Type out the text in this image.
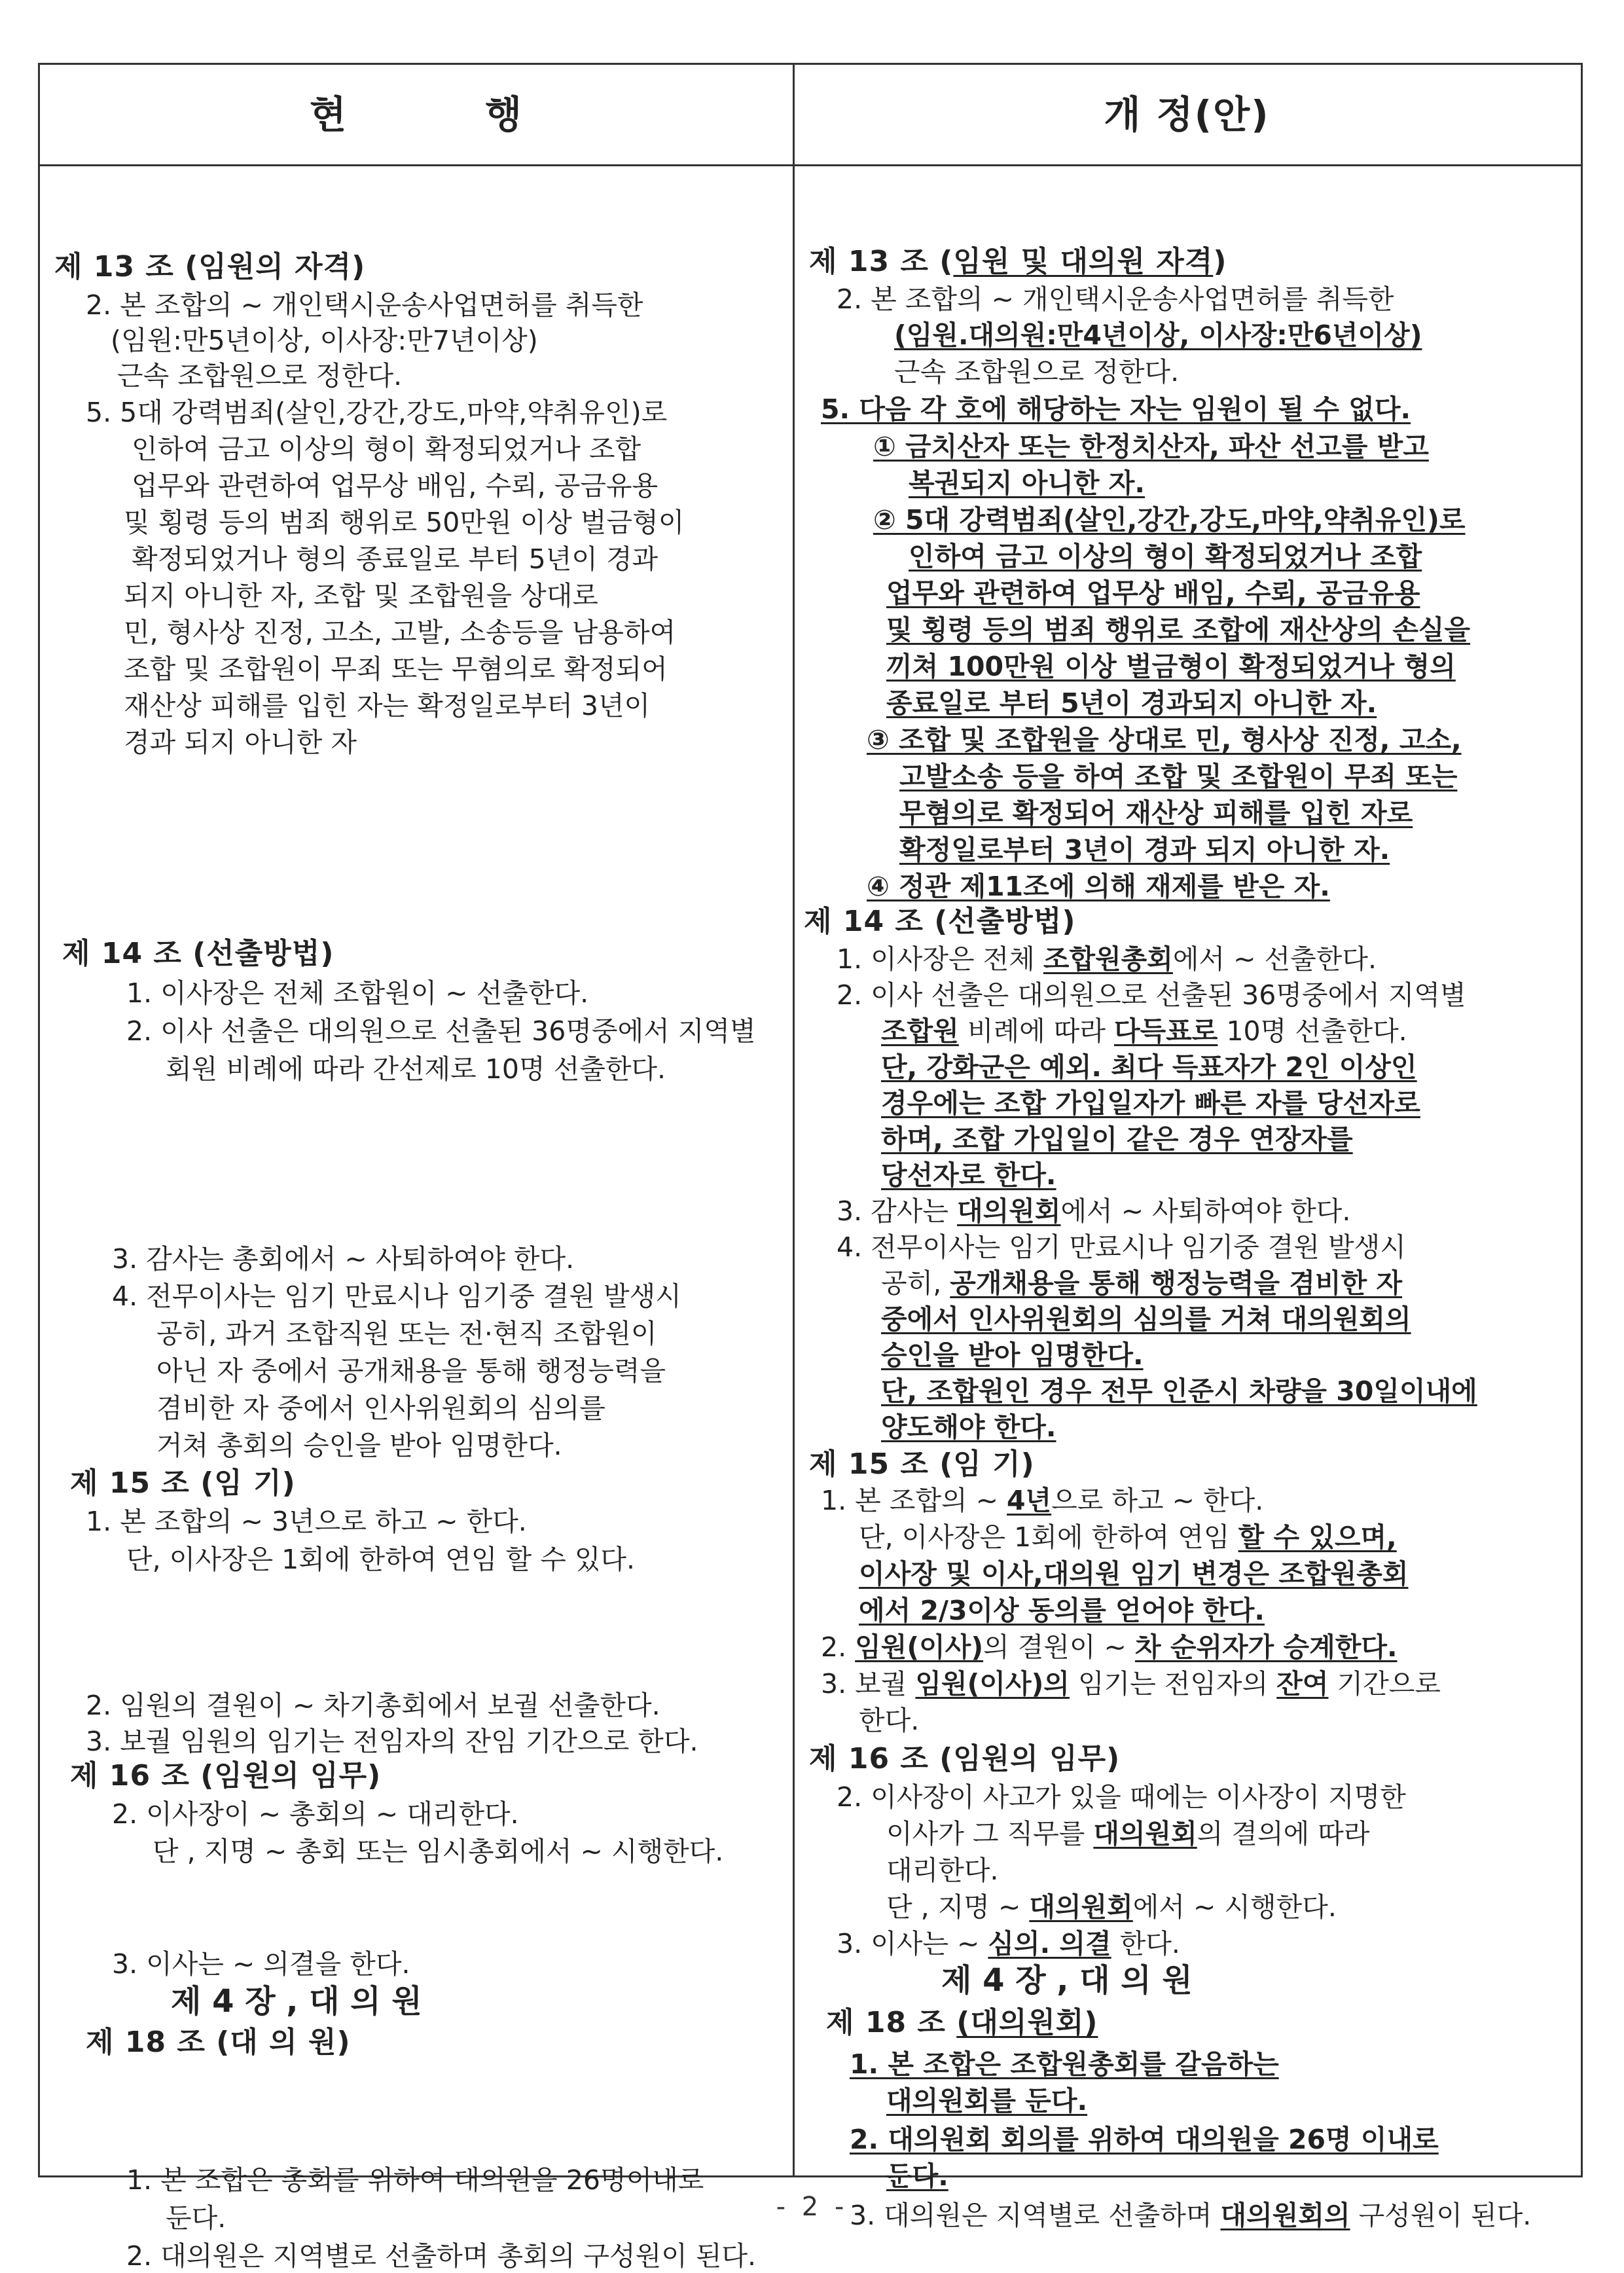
현	행	개 정(안)
제 13 조 (임원의 자격)
2. 본 조합의 ~ 개인택시운송사업면허를 취득한
(임원:만5년이상, 이사장:만7년이상)
근속 조합원으로 정한다.
5. 5대 강력범죄(살인,강간,강도,마약,약취유인)로
인하여 금고 이상의 형이 확정되었거나 조합
업무와 관련하여 업무상 배임, 수뢰, 공금유용
및 횡령 등의 범죄 행위로 50만원 이상 벌금형이
확정되었거나 형의 종료일로 부터 5년이 경과
되지 아니한 자, 조합 및 조합원을 상대로
민, 형사상 진정, 고소, 고발, 소송등을 남용하여
조합 및 조합원이 무죄 또는 무혐의로 확정되어
재산상 피해를 입힌 자는 확정일로부터 3년이
경과 되지 아니한 자
제 14 조 (선출방법)
1. 이사장은 전체 조합원이 ~ 선출한다.
2. 이사 선출은 대의원으로 선출된 36명중에서 지역별
회원 비례에 따라 간선제로 10명 선출한다.
3. 감사는 총회에서 ~ 사퇴하여야 한다.
4. 전무이사는 임기 만료시나 임기중 결원 발생시
공히, 과거 조합직원 또는 전·현직 조합원이
아닌 자 중에서 공개채용을 통해 행정능력을
겸비한 자 중에서 인사위원회의 심의를
거쳐 총회의 승인을 받아 임명한다.
제 15 조 (임 기)
1. 본 조합의 ~ 3년으로 하고 ~ 한다.
단, 이사장은 1회에 한하여 연임 할 수 있다.
2. 임원의 결원이 ~ 차기총회에서 보궐 선출한다.
3. 보궐 임원의 임기는 전임자의 잔임 기간으로 한다.
제 16 조 (임원의 임무)
2. 이사장이 ~ 총회의 ~ 대리한다.
단 , 지명 ~ 총회 또는 임시총회에서 ~ 시행한다.
3. 이사는 ~ 의결을 한다.
제 4 장 , 대 의 원
제 18 조 (대 의 원)
1. 본 조합은 총회를 위하여 대의원을 26명이내로
둔다.
2. 대의원은 지역별로 선출하며 총회의 구성원이 된다.
제 13 조 (임원 및 대의원 자격)
2. 본 조합의 ~ 개인택시운송사업면허를 취득한
(임원.대의원:만4년이상, 이사장:만6년이상)
근속 조합원으로 정한다.
5. 다음 각 호에 해당하는 자는 임원이 될 수 없다.
① 금치산자 또는 한정치산자, 파산 선고를 받고
복권되지 아니한 자.
② 5대 강력범죄(살인,강간,강도,마약,약취유인)로
인하여 금고 이상의 형이 확정되었거나 조합
업무와 관련하여 업무상 배임, 수뢰, 공금유용
및 횡령 등의 범죄 행위로 조합에 재산상의 손실을
끼쳐 100만원 이상 벌금형이 확정되었거나 형의
종료일로 부터 5년이 경과되지 아니한 자.
③ 조합 및 조합원을 상대로 민, 형사상 진정, 고소,
고발소송 등을 하여 조합 및 조합원이 무죄 또는
무혐의로 확정되어 재산상 피해를 입힌 자로
확정일로부터 3년이 경과 되지 아니한 자.
④ 정관 제11조에 의해 재제를 받은 자.
제 14 조 (선출방법)
1. 이사장은 전체 조합원총회에서 ~ 선출한다.
2. 이사 선출은 대의원으로 선출된 36명중에서 지역별
조합원 비례에 따라 다득표로 10명 선출한다.
단, 강화군은 예외. 최다 득표자가 2인 이상인
경우에는 조합 가입일자가 빠른 자를 당선자로
하며, 조합 가입일이 같은 경우 연장자를
당선자로 한다.
3. 감사는 대의원회에서 ~ 사퇴하여야 한다.
4. 전무이사는 임기 만료시나 임기중 결원 발생시
공히, 공개채용을 통해 행정능력을 겸비한 자
중에서 인사위원회의 심의를 거쳐 대의원회의
승인을 받아 임명한다.
단, 조합원인 경우 전무 인준시 차량을 30일이내에
양도해야 한다.
제 15 조 (임 기)
1. 본 조합의 ~ 4년으로 하고 ~ 한다.
단, 이사장은 1회에 한하여 연임 할 수 있으며,
이사장 및 이사,대의원 임기 변경은 조합원총회
에서 2/3이상 동의를 얻어야 한다.
2. 임원(이사)의 결원이 ~ 차 순위자가 승계한다.
3. 보궐 임원(이사)의 임기는 전임자의 잔여 기간으로
한다.
제 16 조 (임원의 임무)
2. 이사장이 사고가 있을 때에는 이사장이 지명한
이사가 그 직무를 대의원회의 결의에 따라
대리한다.
단 , 지명 ~ 대의원회에서 ~ 시행한다.
3. 이사는 ~ 심의. 의결 한다.
제 4 장 , 대 의 원
제 18 조 (대의원회)
1. 본 조합은 조합원총회를 갈음하는
대의원회를 둔다.
2. 대의원회 회의를 위하여 대의원을 26명 이내로
둔다.
3. 대의원은 지역별로 선출하며 대의원회의 구성원이 된다.
- 2 -
